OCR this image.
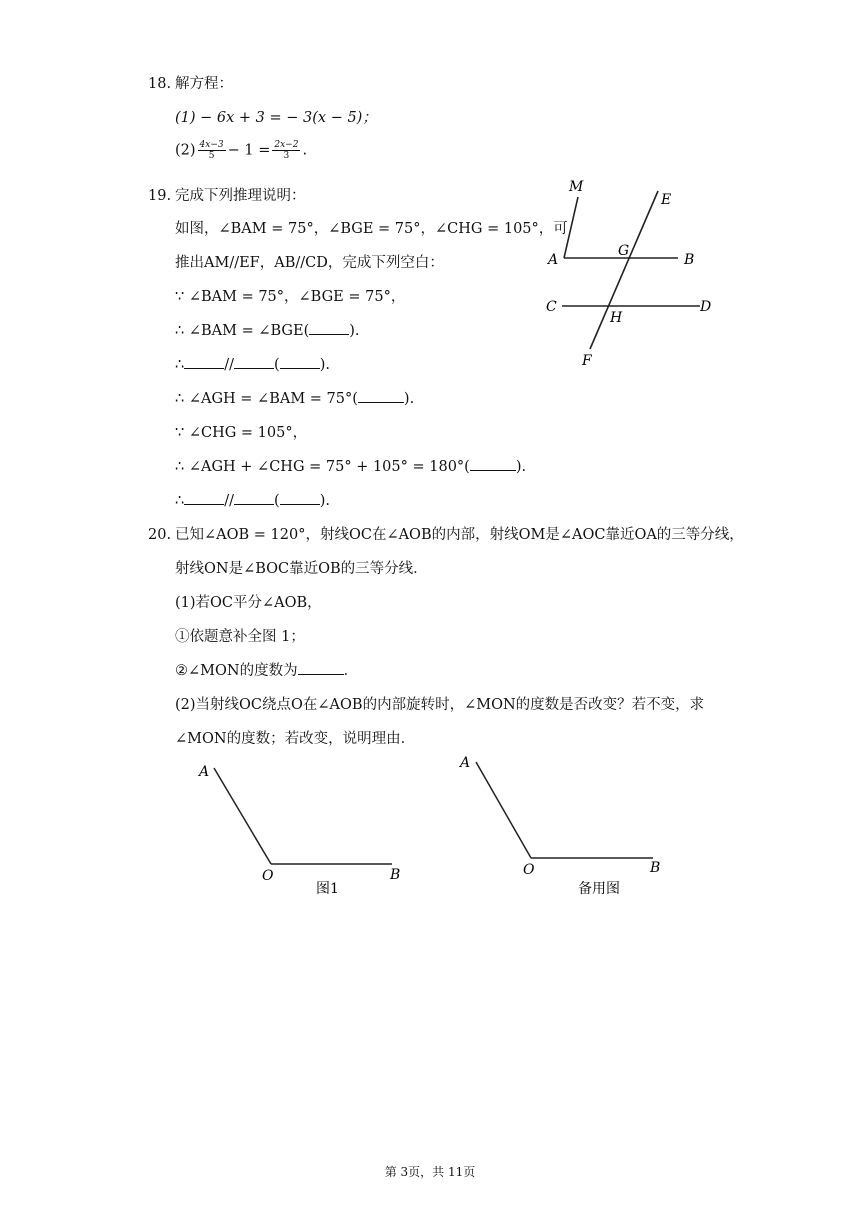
18. 解方程：
(1) − 6x + 3 = − 3(x − 5)；
$(2) \frac{4x-3}{5} - 1 = \frac{2x-2}{3}$ .
19. 完成下列推理说明：
如图，∠BAM = 75°，∠BGE = 75°，∠CHG = 105°，可
推出AM//EF，AB//CD，完成下列空白：
∵ ∠BAM = 75°，∠BGE = 75°，
∴ ∠BAM = ∠BGE(	).
∴	//	(	).
∴ ∠AGH = ∠BAM = 75°(	).
∵ ∠CHG = 105°，
∴ ∠AGH + ∠CHG = 75° + 105° = 180°(	).
∴	//	(	).
M
E
A
G
B
C
H
D
F
20. 已知∠AOB = 120°，射线OC在∠AOB的内部，射线OM是∠AOC靠近OA的三等分线，
射线ON是∠BOC靠近OB的三等分线．
(1)若OC平分∠AOB，
①依题意补全图 1；
②∠MON的度数为	．
(2)当射线OC绕点O在∠AOB的内部旋转时，∠MON的度数是否改变？若不变，求
∠MON的度数；若改变，说明理由．
A
O	B
图1
A
O	B
备用图
第 3页，共 11页
